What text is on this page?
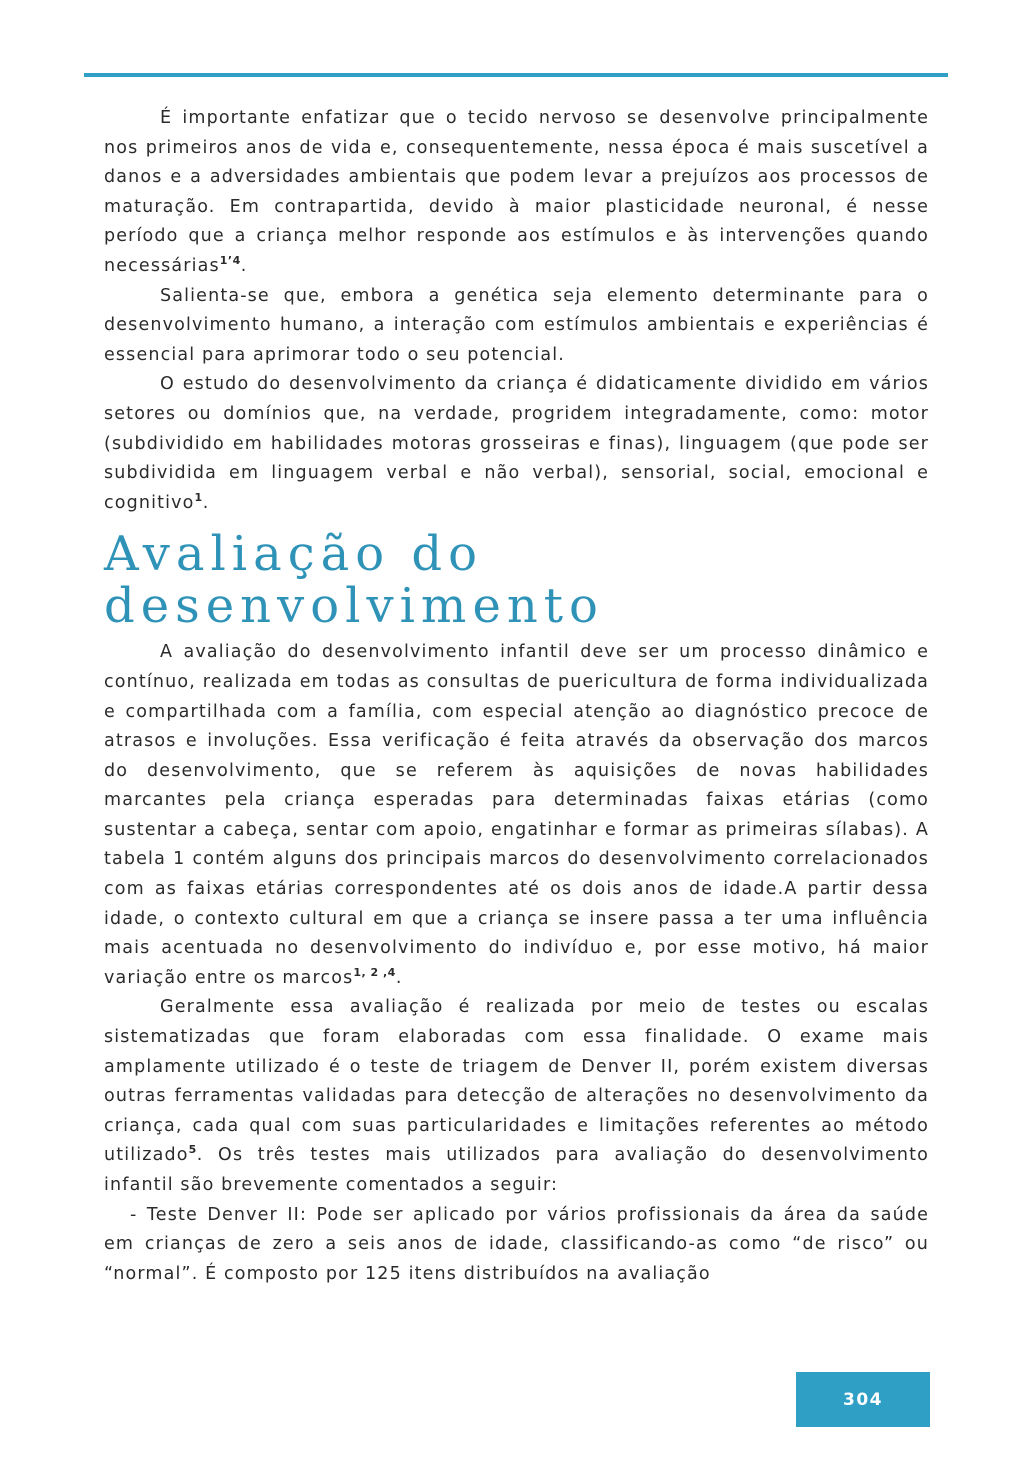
É importante enfatizar que o tecido nervoso se desenvolve principalmente nos primeiros anos de vida e, consequentemente, nessa época é mais suscetível a danos e a adversidades ambientais que podem levar a prejuízos aos processos de maturação. Em contrapartida, devido à maior plasticidade neuronal, é nesse período que a criança melhor responde aos estímulos e às intervenções quando necessárias$^{1’4}$.

Salienta-se que, embora a genética seja elemento determinante para o desenvolvimento humano, a interação com estímulos ambientais e experiências é essencial para aprimorar todo o seu potencial.

O estudo do desenvolvimento da criança é didaticamente dividido em vários setores ou domínios que, na verdade, progridem integradamente, como: motor (subdividido em habilidades motoras grosseiras e finas), linguagem (que pode ser subdividida em linguagem verbal e não verbal), sensorial, social, emocional e cognitivo$^1$.

Avaliação do desenvolvimento

A avaliação do desenvolvimento infantil deve ser um processo dinâmico e contínuo, realizada em todas as consultas de puericultura de forma individualizada e compartilhada com a família, com especial atenção ao diagnóstico precoce de atrasos e involuções. Essa verificação é feita através da observação dos marcos do desenvolvimento, que se referem às aquisições de novas habilidades marcantes pela criança esperadas para determinadas faixas etárias (como sustentar a cabeça, sentar com apoio, engatinhar e formar as primeiras sílabas). A tabela 1 contém alguns dos principais marcos do desenvolvimento correlacionados com as faixas etárias correspondentes até os dois anos de idade.A partir dessa idade, o contexto cultural em que a criança se insere passa a ter uma influência mais acentuada no desenvolvimento do indivíduo e, por esse motivo, há maior variação entre os marcos$^{1, 2 ,4}$.

Geralmente essa avaliação é realizada por meio de testes ou escalas sistematizadas que foram elaboradas com essa finalidade. O exame mais amplamente utilizado é o teste de triagem de Denver II, porém existem diversas outras ferramentas validadas para detecção de alterações no desenvolvimento da criança, cada qual com suas particularidades e limitações referentes ao método utilizado$^5$. Os três testes mais utilizados para avaliação do desenvolvimento infantil são brevemente comentados a seguir:

- Teste Denver II: Pode ser aplicado por vários profissionais da área da saúde em crianças de zero a seis anos de idade, classificando-as como “de risco” ou “normal”. É composto por 125 itens distribuídos na avaliação

304
